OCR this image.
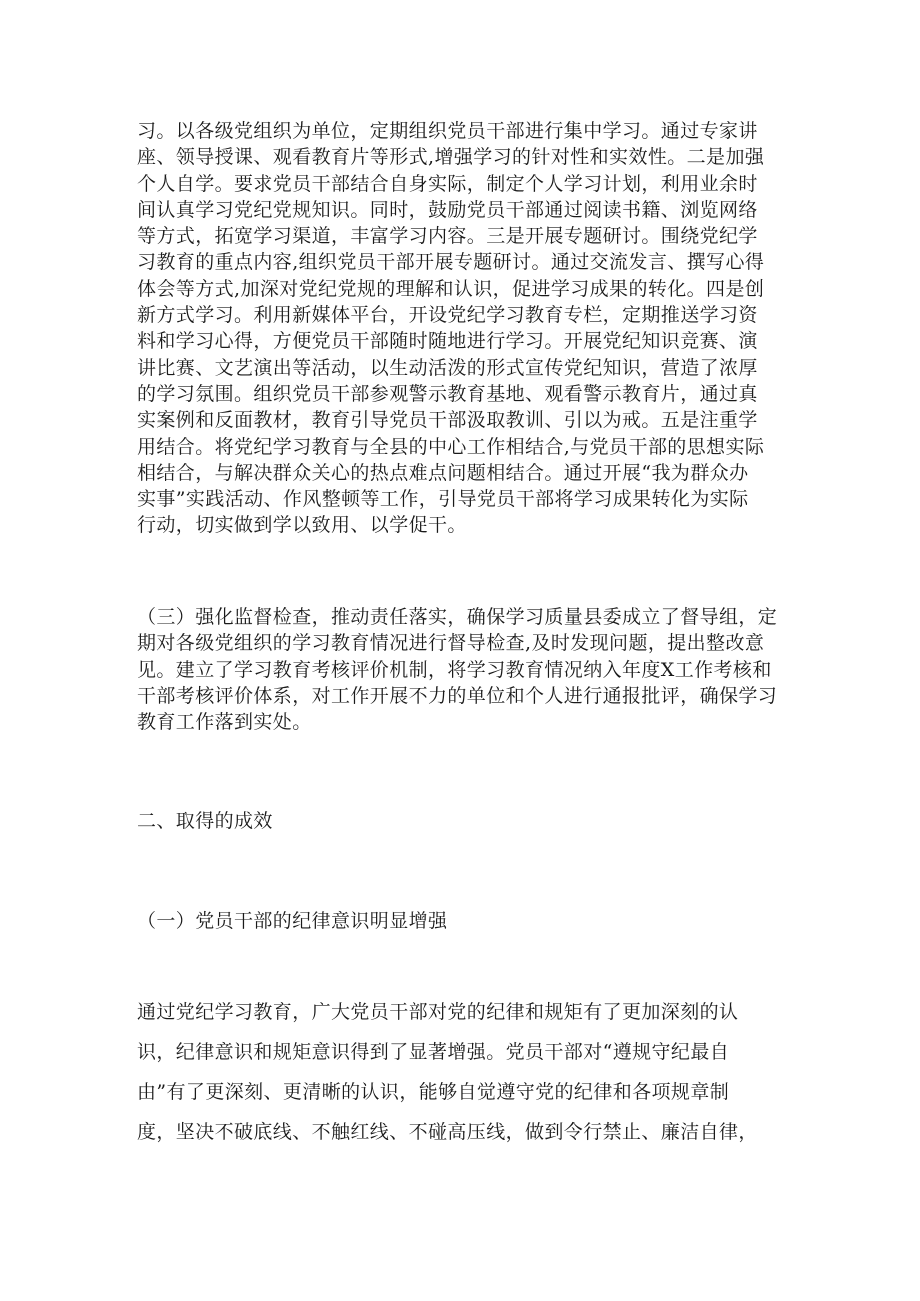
习。以各级党组织为单位，定期组织党员干部进行集中学习。通过专家讲
座、领导授课、观看教育片等形式,增强学习的针对性和实效性。二是加强
个人自学。要求党员干部结合自身实际，制定个人学习计划，利用业余时
间认真学习党纪党规知识。同时，鼓励党员干部通过阅读书籍、浏览网络
等方式，拓宽学习渠道，丰富学习内容。三是开展专题研讨。围绕党纪学
习教育的重点内容,组织党员干部开展专题研讨。通过交流发言、撰写心得
体会等方式,加深对党纪党规的理解和认识，促进学习成果的转化。四是创
新方式学习。利用新媒体平台，开设党纪学习教育专栏，定期推送学习资
料和学习心得，方便党员干部随时随地进行学习。开展党纪知识竞赛、演
讲比赛、文艺演出等活动，以生动活泼的形式宣传党纪知识，营造了浓厚
的学习氛围。组织党员干部参观警示教育基地、观看警示教育片，通过真
实案例和反面教材，教育引导党员干部汲取教训、引以为戒。五是注重学
用结合。将党纪学习教育与全县的中心工作相结合,与党员干部的思想实际
相结合，与解决群众关心的热点难点问题相结合。通过开展“我为群众办
实事”实践活动、作风整顿等工作，引导党员干部将学习成果转化为实际
行动，切实做到学以致用、以学促干。

（三）强化监督检查，推动责任落实，确保学习质量县委成立了督导组，定
期对各级党组织的学习教育情况进行督导检查,及时发现问题，提出整改意
见。建立了学习教育考核评价机制，将学习教育情况纳入年度X工作考核和
干部考核评价体系，对工作开展不力的单位和个人进行通报批评，确保学习
教育工作落到实处。

二、取得的成效
（一）党员干部的纪律意识明显增强

通过党纪学习教育，广大党员干部对党的纪律和规矩有了更加深刻的认
识，纪律意识和规矩意识得到了显著增强。党员干部对“遵规守纪最自
由”有了更深刻、更清晰的认识，能够自觉遵守党的纪律和各项规章制
度，坚决不破底线、不触红线、不碰高压线，做到令行禁止、廉洁自律，
